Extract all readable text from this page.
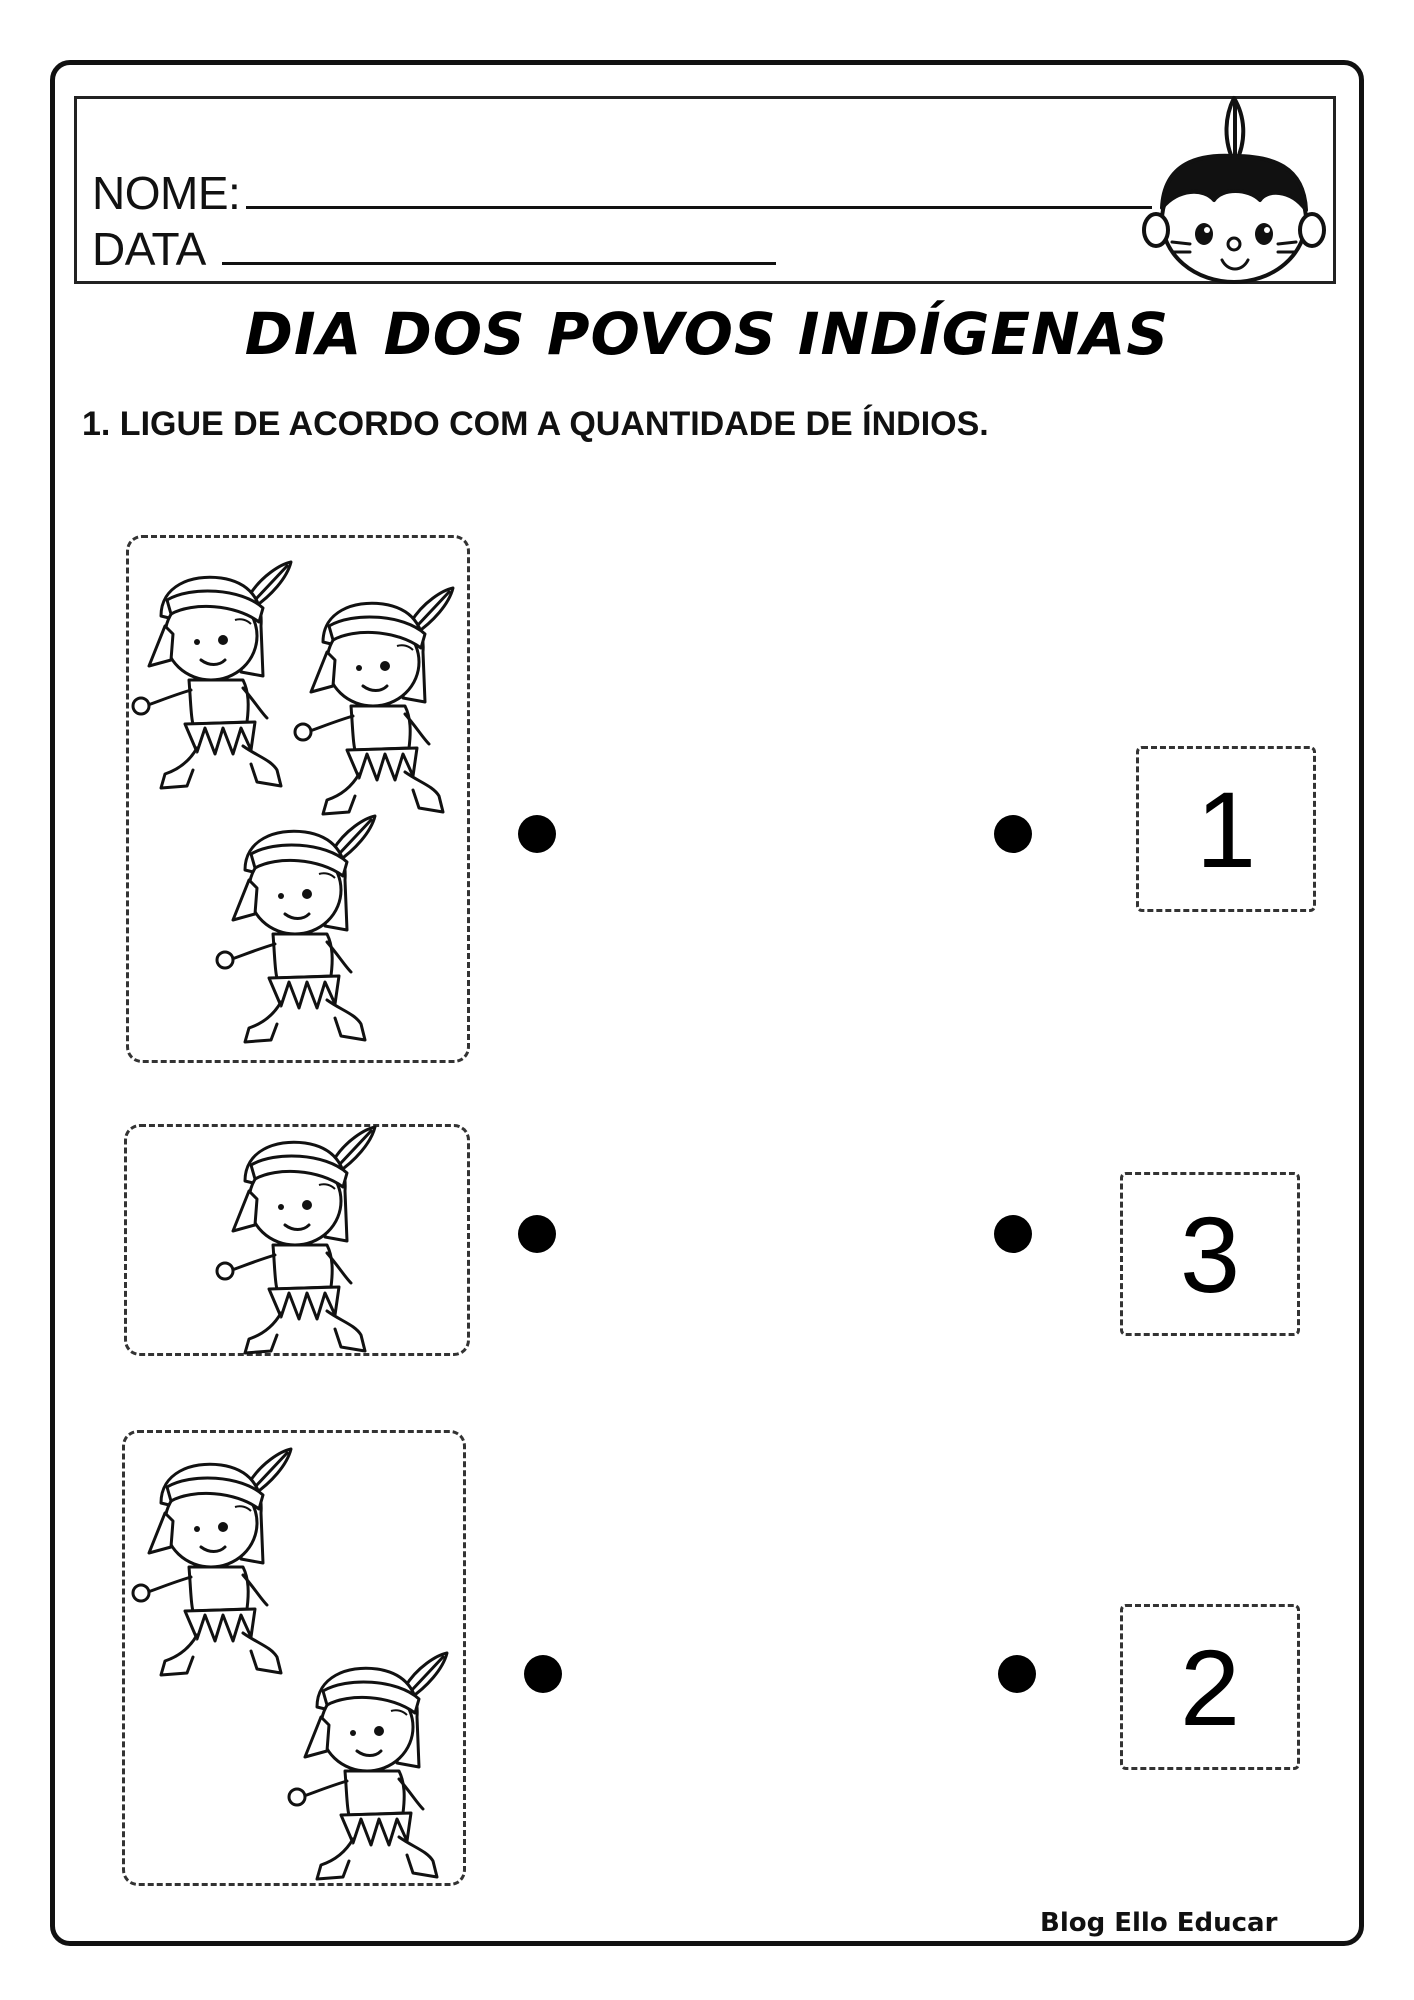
NOME:
DATA
DIA DOS POVOS INDÍGENAS
1. LIGUE DE ACORDO COM A QUANTIDADE DE ÍNDIOS.
1
3
2
Blog Ello Educar
